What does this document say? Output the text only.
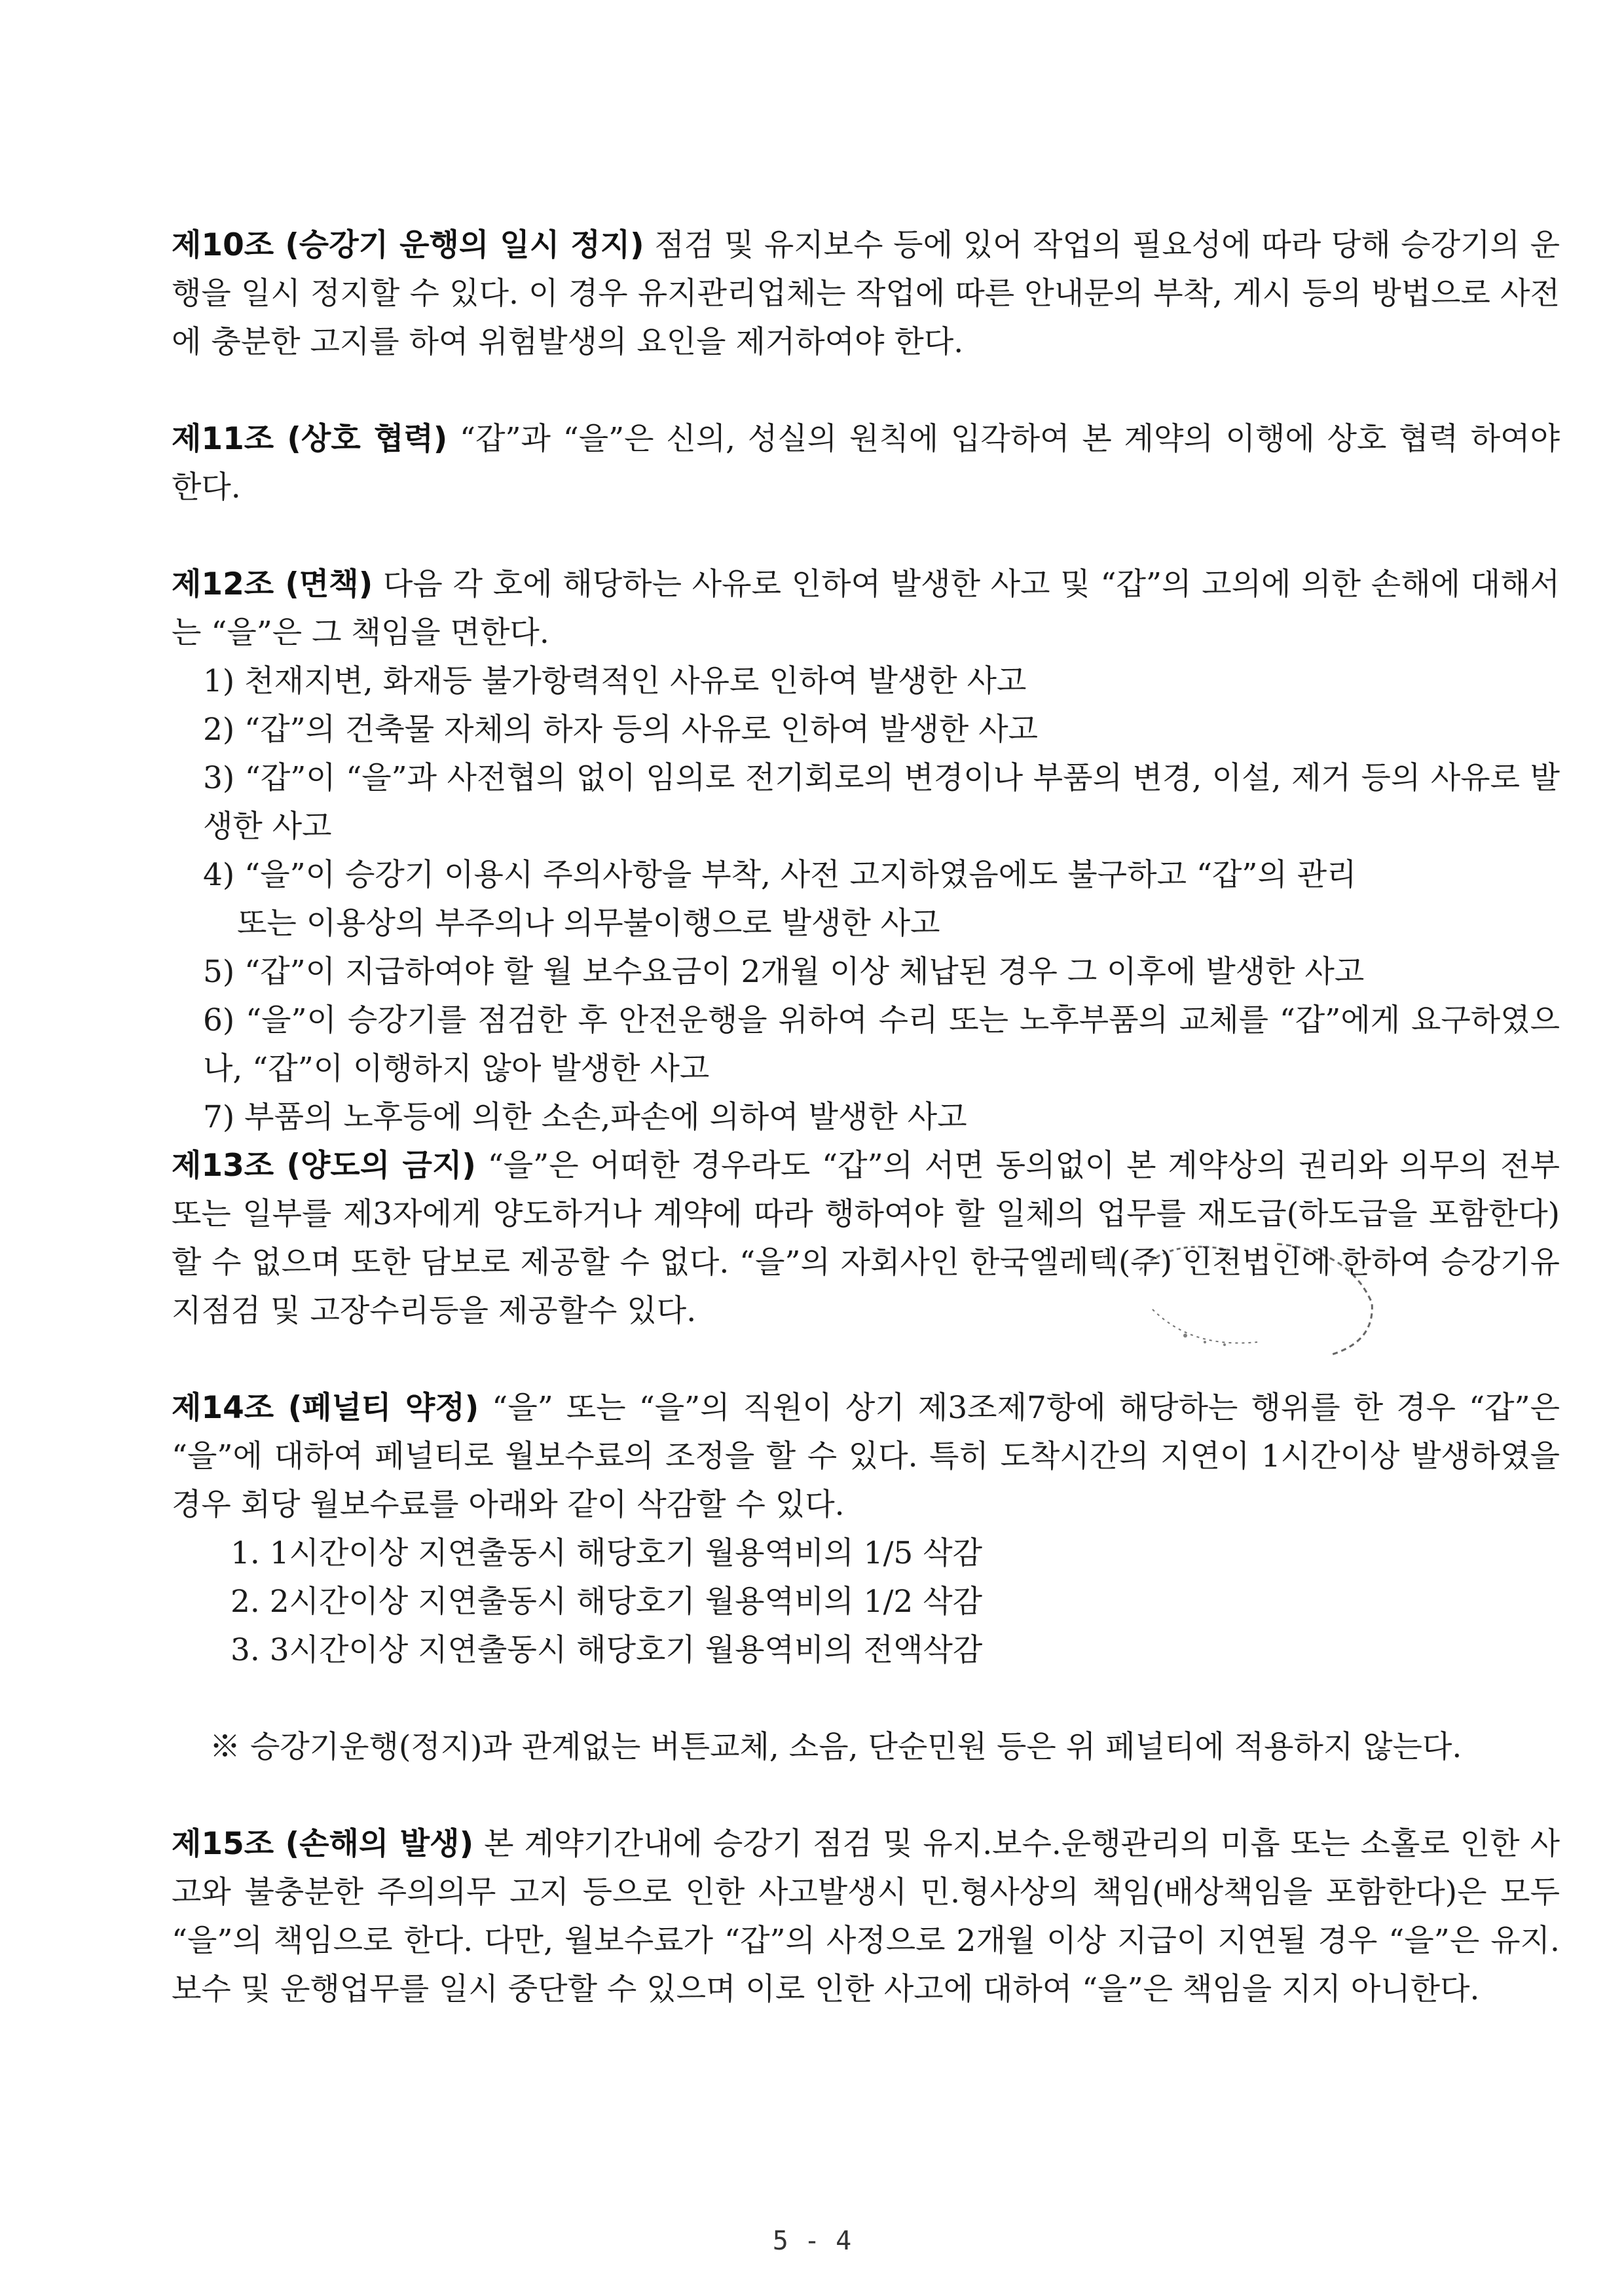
제10조 (승강기 운행의 일시 정지) 점검 및 유지보수 등에 있어 작업의 필요성에 따라 당해 승강기의 운행을 일시 정지할 수 있다. 이 경우 유지관리업체는 작업에 따른 안내문의 부착, 게시 등의 방법으로 사전에 충분한 고지를 하여 위험발생의 요인을 제거하여야 한다.

제11조 (상호 협력) “갑”과 “을”은 신의, 성실의 원칙에 입각하여 본 계약의 이행에 상호 협력 하여야 한다.

제12조 (면책) 다음 각 호에 해당하는 사유로 인하여 발생한 사고 및 “갑”의 고의에 의한 손해에 대해서는 “을”은 그 책임을 면한다.

1) 천재지변, 화재등 불가항력적인 사유로 인하여 발생한 사고

2) “갑”의 건축물 자체의 하자 등의 사유로 인하여 발생한 사고

3) “갑”이 “을”과 사전협의 없이 임의로 전기회로의 변경이나 부품의 변경, 이설, 제거 등의 사유로 발생한 사고

4) “을”이 승강기 이용시 주의사항을 부착, 사전 고지하였음에도 불구하고 “갑”의 관리

또는 이용상의 부주의나 의무불이행으로 발생한 사고

5) “갑”이 지급하여야 할 월 보수요금이 2개월 이상 체납된 경우 그 이후에 발생한 사고

6) “을”이 승강기를 점검한 후 안전운행을 위하여 수리 또는 노후부품의 교체를 “갑”에게 요구하였으나, “갑”이 이행하지 않아 발생한 사고

7) 부품의 노후등에 의한 소손,파손에 의하여 발생한 사고

제13조 (양도의 금지) “을”은 어떠한 경우라도 “갑”의 서면 동의없이 본 계약상의 권리와 의무의 전부 또는 일부를 제3자에게 양도하거나 계약에 따라 행하여야 할 일체의 업무를 재도급(하도급을 포함한다) 할 수 없으며 또한 담보로 제공할 수 없다. “을”의 자회사인 한국엘레텍(주) 인천법인에 한하여 승강기유지점검 및 고장수리등을 제공할수 있다.

제14조 (페널티 약정) “을” 또는 “을”의 직원이 상기 제3조제7항에 해당하는 행위를 한 경우 “갑”은 “을”에 대하여 페널티로 월보수료의 조정을 할 수 있다. 특히 도착시간의 지연이 1시간이상 발생하였을 경우 회당 월보수료를 아래와 같이 삭감할 수 있다.

1. 1시간이상 지연출동시 해당호기 월용역비의 1/5 삭감

2. 2시간이상 지연출동시 해당호기 월용역비의 1/2 삭감

3. 3시간이상 지연출동시 해당호기 월용역비의 전액삭감

※ 승강기운행(정지)과 관계없는 버튼교체, 소음, 단순민원 등은 위 페널티에 적용하지 않는다.

제15조 (손해의 발생) 본 계약기간내에 승강기 점검 및 유지.보수.운행관리의 미흡 또는 소홀로 인한 사고와 불충분한 주의의무 고지 등으로 인한 사고발생시 민.형사상의 책임(배상책임을 포함한다)은 모두 “을”의 책임으로 한다. 다만, 월보수료가 “갑”의 사정으로 2개월 이상 지급이 지연될 경우 “을”은 유지.보수 및 운행업무를 일시 중단할 수 있으며 이로 인한 사고에 대하여 “을”은 책임을 지지 아니한다.

5 - 4
